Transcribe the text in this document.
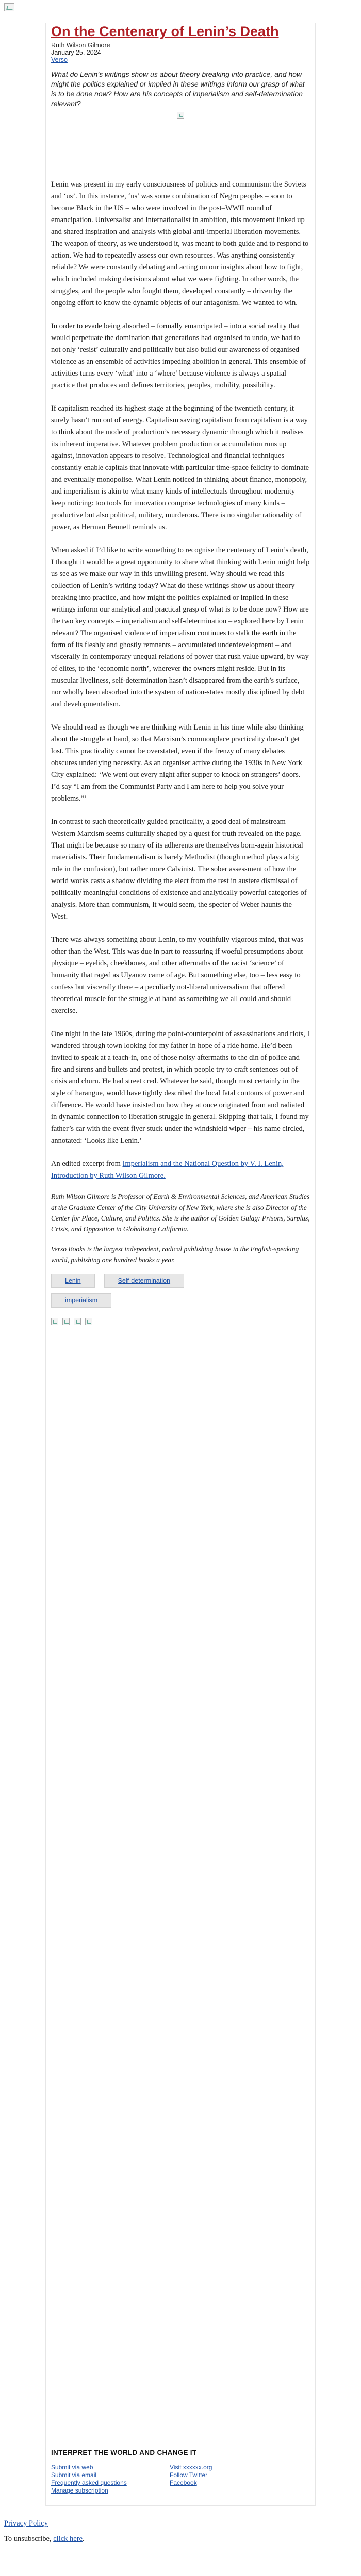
On the Centenary of Lenin’s Death
Ruth Wilson Gilmore
January 25, 2024
Verso

What do Lenin’s writings show us about theory breaking into practice, and how might the politics explained or implied in these writings inform our grasp of what is to be done now? How are his concepts of imperialism and self-determination relevant?

Lenin was present in my early consciousness of politics and communism: the Soviets and ‘us’. In this instance, ‘us’ was some combination of Negro peoples – soon to become Black in the US – who were involved in the post–WWII round of emancipation. Universalist and internationalist in ambition, this movement linked up and shared inspiration and analysis with global anti-imperial liberation movements. The weapon of theory, as we understood it, was meant to both guide and to respond to action. We had to repeatedly assess our own resources. Was anything consistently reliable? We were constantly debating and acting on our insights about how to fight, which included making decisions about what we were fighting. In other words, the struggles, and the people who fought them, developed constantly – driven by the ongoing effort to know the dynamic objects of our antagonism. We wanted to win.

In order to evade being absorbed – formally emancipated – into a social reality that would perpetuate the domination that generations had organised to undo, we had to not only ‘resist’ culturally and politically but also build our awareness of organised violence as an ensemble of activities impeding abolition in general. This ensemble of activities turns every ‘what’ into a ‘where’ because violence is always a spatial practice that produces and defines territories, peoples, mobility, possibility.

If capitalism reached its highest stage at the beginning of the twentieth century, it surely hasn’t run out of energy. Capitalism saving capitalism from capitalism is a way to think about the mode of production’s necessary dynamic through which it realises its inherent imperative. Whatever problem production or accumulation runs up against, innovation appears to resolve. Technological and financial techniques constantly enable capitals that innovate with particular time-space felicity to dominate and eventually monopolise. What Lenin noticed in thinking about finance, monopoly, and imperialism is akin to what many kinds of intellectuals throughout modernity keep noticing: too tools for innovation comprise technologies of many kinds – productive but also political, military, murderous. There is no singular rationality of power, as Herman Bennett reminds us.

When asked if I’d like to write something to recognise the centenary of Lenin’s death, I thought it would be a great opportunity to share what thinking with Lenin might help us see as we make our way in this unwilling present. Why should we read this collection of Lenin’s writing today? What do these writings show us about theory breaking into practice, and how might the politics explained or implied in these writings inform our analytical and practical grasp of what is to be done now? How are the two key concepts – imperialism and self-determination – explored here by Lenin relevant? The organised violence of imperialism continues to stalk the earth in the form of its fleshly and ghostly remnants – accumulated underdevelopment – and viscerally in contemporary unequal relations of power that rush value upward, by way of elites, to the ‘economic north’, wherever the owners might reside. But in its muscular liveliness, self-determination hasn’t disappeared from the earth’s surface, nor wholly been absorbed into the system of nation-states mostly disciplined by debt and developmentalism.

We should read as though we are thinking with Lenin in his time while also thinking about the struggle at hand, so that Marxism’s commonplace practicality doesn’t get lost. This practicality cannot be overstated, even if the frenzy of many debates obscures underlying necessity. As an organiser active during the 1930s in New York City explained: ‘We went out every night after supper to knock on strangers’ doors. I’d say “I am from the Communist Party and I am here to help you solve your problems.”’

In contrast to such theoretically guided practicality, a good deal of mainstream Western Marxism seems culturally shaped by a quest for truth revealed on the page. That might be because so many of its adherents are themselves born-again historical materialists. Their fundamentalism is barely Methodist (though method plays a big role in the confusion), but rather more Calvinist. The sober assessment of how the world works casts a shadow dividing the elect from the rest in austere dismissal of politically meaningful conditions of existence and analytically powerful categories of analysis. More than communism, it would seem, the specter of Weber haunts the West.

There was always something about Lenin, to my youthfully vigorous mind, that was other than the West. This was due in part to reassuring if woeful presumptions about physique – eyelids, cheekbones, and other aftermaths of the racist ‘science’ of humanity that raged as Ulyanov came of age. But something else, too – less easy to confess but viscerally there – a peculiarly not-liberal universalism that offered theoretical muscle for the struggle at hand as something we all could and should exercise.

One night in the late 1960s, during the point-counterpoint of assassinations and riots, I wandered through town looking for my father in hope of a ride home. He’d been invited to speak at a teach-in, one of those noisy aftermaths to the din of police and fire and sirens and bullets and protest, in which people try to craft sentences out of crisis and churn. He had street cred. Whatever he said, though most certainly in the style of harangue, would have tightly described the local fatal contours of power and difference. He would have insisted on how they at once originated from and radiated in dynamic connection to liberation struggle in general. Skipping that talk, I found my father’s car with the event flyer stuck under the windshield wiper – his name circled, annotated: ‘Looks like Lenin.’

An edited excerpt from Imperialism and the National Question by V. I. Lenin, Introduction by Ruth Wilson Gilmore.

Ruth Wilson Gilmore is Professor of Earth & Environmental Sciences, and American Studies at the Graduate Center of the City University of New York, where she is also Director of the Center for Place, Culture, and Politics. She is the author of Golden Gulag: Prisons, Surplus, Crisis, and Opposition in Globalizing California.

Verso Books is the largest independent, radical publishing house in the English-speaking world, publishing one hundred books a year.

Lenin	Self-determination
imperialism
INTERPRET THE WORLD AND CHANGE IT
Submit via web	Visit xxxxxx.org
Submit via email	Follow Twitter
Frequently asked questions	Facebook
Manage subscription
Privacy Policy
To unsubscribe, click here.
